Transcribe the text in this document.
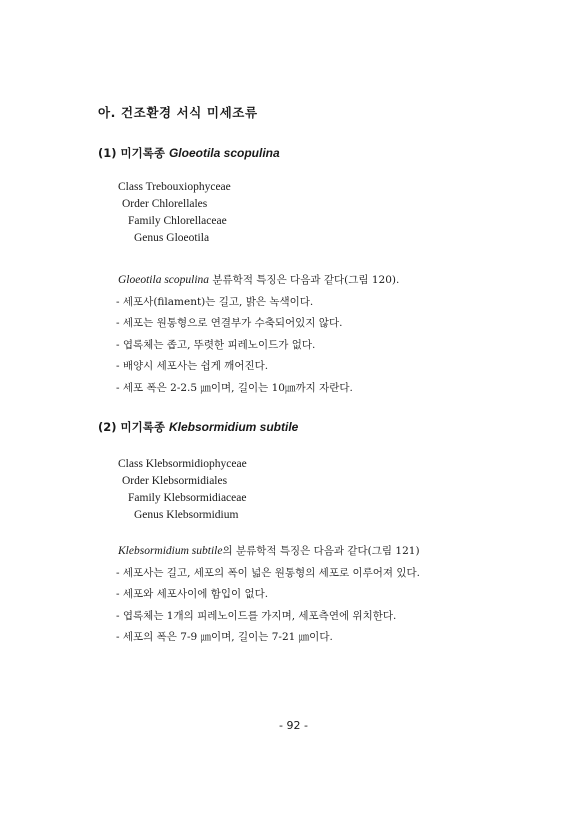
아. 건조환경 서식 미세조류
(1) 미기록종 Gloeotila scopulina
Class Trebouxiophyceae
Order Chlorellales
Family Chlorellaceae
Genus Gloeotila
Gloeotila scopulina 분류학적 특징은 다음과 같다(그림 120).
- 세포사(filament)는 길고, 밝은 녹색이다.
- 세포는 원통형으로 연결부가 수축되어있지 않다.
- 엽록체는 좁고, 뚜렷한 피레노이드가 없다.
- 배양시 세포사는 쉽게 깨어진다.
- 세포 폭은 2-2.5 ㎛이며, 길이는 10㎛까지 자란다.
(2) 미기록종 Klebsormidium subtile
Class Klebsormidiophyceae
Order Klebsormidiales
Family Klebsormidiaceae
Genus Klebsormidium
Klebsormidium subtile의 분류학적 특징은 다음과 같다(그림 121)
- 세포사는 길고, 세포의 폭이 넓은 원통형의 세포로 이루어져 있다.
- 세포와 세포사이에 함입이 없다.
- 엽록체는 1개의 피레노이드를 가지며, 세포측연에 위치한다.
- 세포의 폭은 7-9 ㎛이며, 길이는 7-21 ㎛이다.
- 92 -
